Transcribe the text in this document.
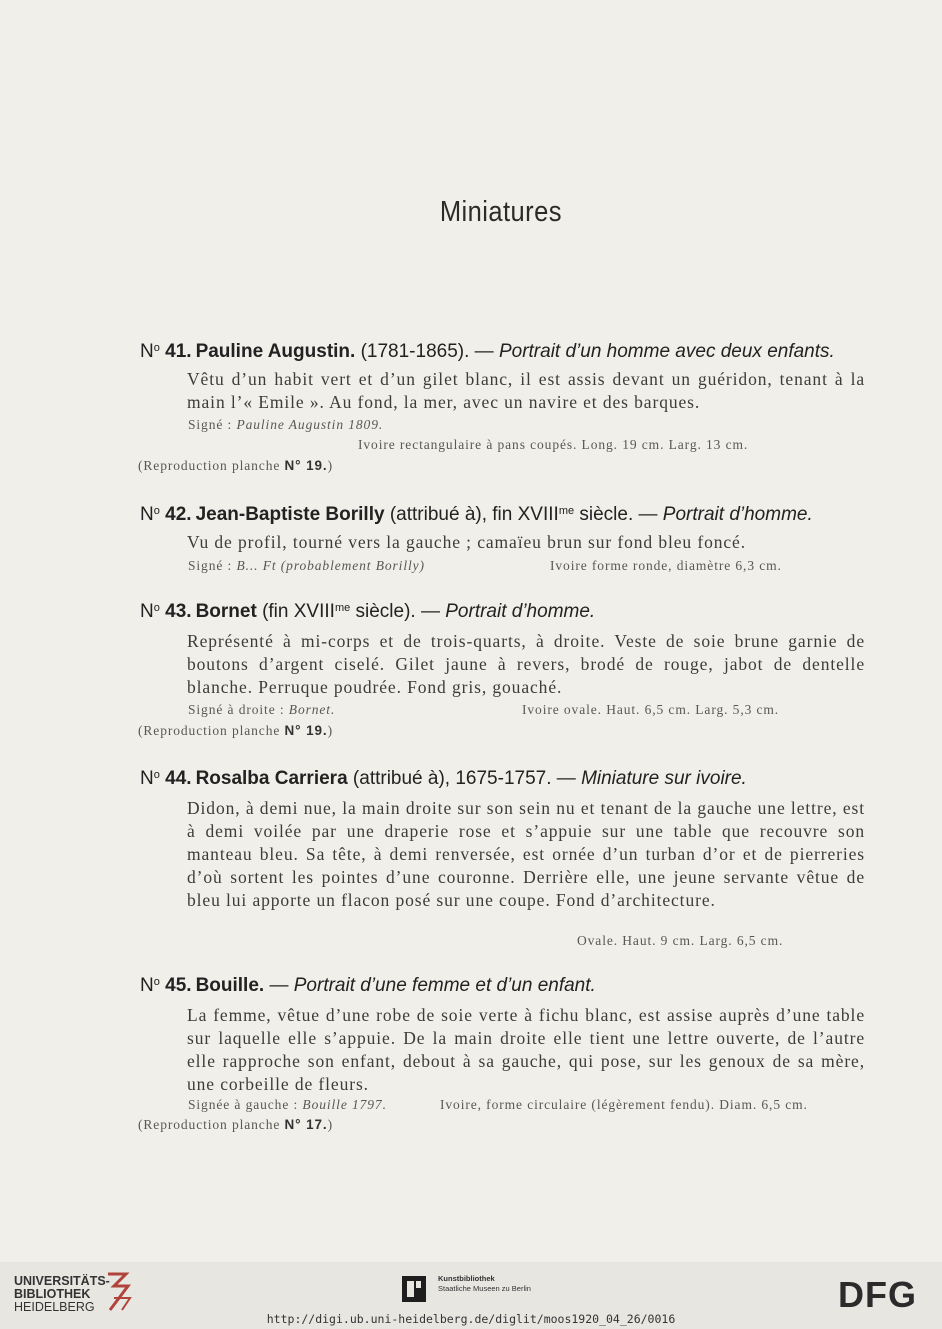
Miniatures
$N^o$ 41. Pauline Augustin. (1781-1865). — Portrait d’un homme avec deux enfants.
Vêtu d’un habit vert et d’un gilet blanc, il est assis devant un guéridon, tenant à la main l’« Emile ». Au fond, la mer, avec un navire et des barques.
Signé : Pauline Augustin 1809.
Ivoire rectangulaire à pans coupés. Long. 19 cm. Larg. 13 cm.
(Reproduction planche N° 19.)
$N^o$ 42. Jean-Baptiste Borilly (attribué à), fin $XVIII^{me}$ siècle. — Portrait d’homme.
Vu de profil, tourné vers la gauche ; camaïeu brun sur fond bleu foncé.
Signé : B... Ft (probablement Borilly)	Ivoire forme ronde, diamètre 6,3 cm.
$N^o$ 43. Bornet (fin $XVIII^{me}$ siècle). — Portrait d’homme.
Représenté à mi-corps et de trois-quarts, à droite. Veste de soie brune garnie de boutons d’argent ciselé. Gilet jaune à revers, brodé de rouge, jabot de dentelle blanche. Perruque poudrée. Fond gris, gouaché.
Signé à droite : Bornet.	Ivoire ovale. Haut. 6,5 cm. Larg. 5,3 cm.
(Reproduction planche N° 19.)
$N^o$ 44. Rosalba Carriera (attribué à), 1675-1757. — Miniature sur ivoire.
Didon, à demi nue, la main droite sur son sein nu et tenant de la gauche une lettre, est à demi voilée par une draperie rose et s’appuie sur une table que recouvre son manteau bleu. Sa tête, à demi renversée, est ornée d’un turban d’or et de pierreries d’où sortent les pointes d’une couronne. Derrière elle, une jeune servante vêtue de bleu lui apporte un flacon posé sur une coupe. Fond d’architecture.
Ovale. Haut. 9 cm. Larg. 6,5 cm.
$N^o$ 45. Bouille. — Portrait d’une femme et d’un enfant.
La femme, vêtue d’une robe de soie verte à fichu blanc, est assise auprès d’une table sur laquelle elle s’appuie. De la main droite elle tient une lettre ouverte, de l’autre elle rapproche son enfant, debout à sa gauche, qui pose, sur les genoux de sa mère, une corbeille de fleurs.
Signée à gauche : Bouille 1797.	Ivoire, forme circulaire (légèrement fendu). Diam. 6,5 cm.
(Reproduction planche N° 17.)
UNIVERSITÄTS-
BIBLIOTHEK
HEIDELBERG
Kunstbibliothek
Staatliche Museen zu Berlin	DFG
http://digi.ub.uni-heidelberg.de/diglit/moos1920_04_26/0016
